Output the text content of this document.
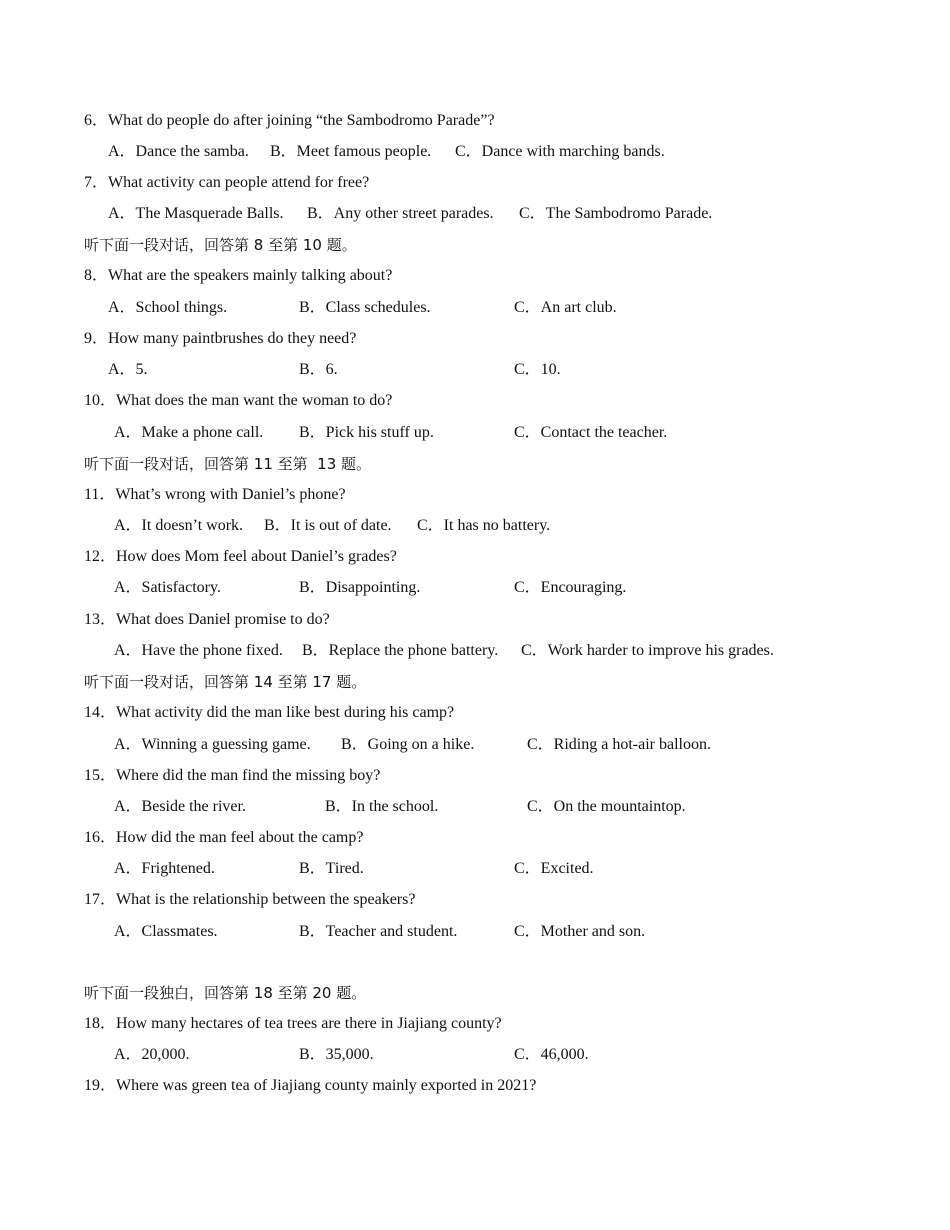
6．What do people do after joining “the Sambodromo Parade”?

A．Dance the samba.

B．Meet famous people.

C．Dance with marching bands.

7．What activity can people attend for free?

A．The Masquerade Balls.

B．Any other street parades.

C．The Sambodromo Parade.

听下面一段对话，回答第 8 至第 10 题。
8．What are the speakers mainly talking about?

A．School things.

	B．Class schedules.

	C．An art club.

9．How many paintbrushes do they need?

A．5.

	B．6.

	C．10.

10．What does the man want the woman to do?

A．Make a phone call.

B．Pick his stuff up.

	C．Contact the teacher.

听下面一段对话，回答第 11 至第  13 题。
11．What’s wrong with Daniel’s phone?

A．It doesn’t work.

B．It is out of date.

C．It has no battery.

12．How does Mom feel about Daniel’s grades?

A．Satisfactory.

	B．Disappointing.

	C．Encouraging.

13．What does Daniel promise to do?

A．Have the phone fixed.

B．Replace the phone battery.

C．Work harder to improve his grades.

听下面一段对话，回答第 14 至第 17 题。
14．What activity did the man like best during his camp?

A．Winning a guessing game.

B．Going on a hike.

	C．Riding a hot-air balloon.

15．Where did the man find the missing boy?

A．Beside the river.

	B．In the school.

	C．On the mountaintop.

16．How did the man feel about the camp?

A．Frightened.

	B．Tired.

	C．Excited.

17．What is the relationship between the speakers?

A．Classmates.

	B．Teacher and student.

	C．Mother and son.

听下面一段独白，回答第 18 至第 20 题。
18．How many hectares of tea trees are there in Jiajiang county?

A．20,000.

	B．35,000.

	C．46,000.

19．Where was green tea of Jiajiang county mainly exported in 2021?
